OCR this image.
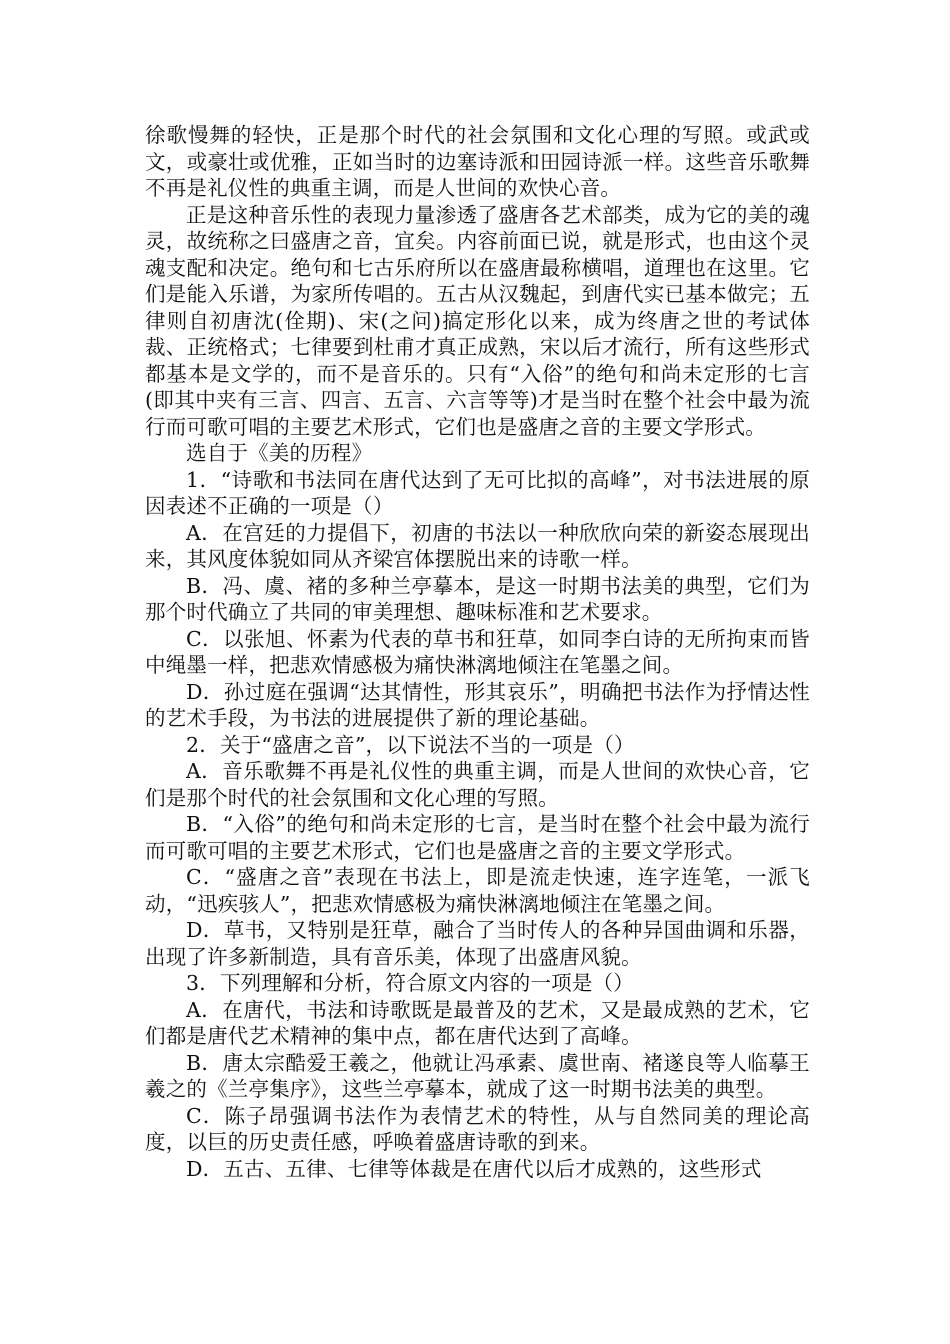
徐歌慢舞的轻快，正是那个时代的社会氛围和文化心理的写照。或武或文，或豪壮或优雅，正如当时的边塞诗派和田园诗派一样。这些音乐歌舞不再是礼仪性的典重主调，而是人世间的欢快心音。

正是这种音乐性的表现力量渗透了盛唐各艺术部类，成为它的美的魂灵，故统称之曰盛唐之音，宜矣。内容前面已说，就是形式，也由这个灵魂支配和决定。绝句和七古乐府所以在盛唐最称横唱，道理也在这里。它们是能入乐谱，为家所传唱的。五古从汉魏起，到唐代实已基本做完；五律则自初唐沈(佺期)、宋(之问)搞定形化以来，成为终唐之世的考试体裁、正统格式；七律要到杜甫才真正成熟，宋以后才流行，所有这些形式都基本是文学的，而不是音乐的。只有“入俗”的绝句和尚未定形的七言(即其中夹有三言、四言、五言、六言等等)才是当时在整个社会中最为流行而可歌可唱的主要艺术形式，它们也是盛唐之音的主要文学形式。

选自于《美的历程》

1．“诗歌和书法同在唐代达到了无可比拟的高峰”，对书法进展的原因表述不正确的一项是（）

A．在宫廷的力提倡下，初唐的书法以一种欣欣向荣的新姿态展现出来，其风度体貌如同从齐梁宫体摆脱出来的诗歌一样。

B．冯、虞、褚的多种兰亭摹本，是这一时期书法美的典型，它们为那个时代确立了共同的审美理想、趣味标准和艺术要求。

C．以张旭、怀素为代表的草书和狂草，如同李白诗的无所拘束而皆中绳墨一样，把悲欢情感极为痛快淋漓地倾注在笔墨之间。

D．孙过庭在强调“达其情性，形其哀乐”，明确把书法作为抒情达性的艺术手段，为书法的进展提供了新的理论基础。

2．关于“盛唐之音”，以下说法不当的一项是（）

A．音乐歌舞不再是礼仪性的典重主调，而是人世间的欢快心音，它们是那个时代的社会氛围和文化心理的写照。

B．“入俗”的绝句和尚未定形的七言，是当时在整个社会中最为流行而可歌可唱的主要艺术形式，它们也是盛唐之音的主要文学形式。

C．“盛唐之音”表现在书法上，即是流走快速，连字连笔，一派飞动，“迅疾骇人”，把悲欢情感极为痛快淋漓地倾注在笔墨之间。

D．草书，又特别是狂草，融合了当时传人的各种异国曲调和乐器，出现了许多新制造，具有音乐美，体现了出盛唐风貌。

3．下列理解和分析，符合原文内容的一项是（）

A．在唐代，书法和诗歌既是最普及的艺术，又是最成熟的艺术，它们都是唐代艺术精神的集中点，都在唐代达到了高峰。

B．唐太宗酷爱王羲之，他就让冯承素、虞世南、褚遂良等人临摹王羲之的《兰亭集序》，这些兰亭摹本，就成了这一时期书法美的典型。

C．陈子昂强调书法作为表情艺术的特性，从与自然同美的理论高度，以巨的历史责任感，呼唤着盛唐诗歌的到来。

D．五古、五律、七律等体裁是在唐代以后才成熟的，这些形式
